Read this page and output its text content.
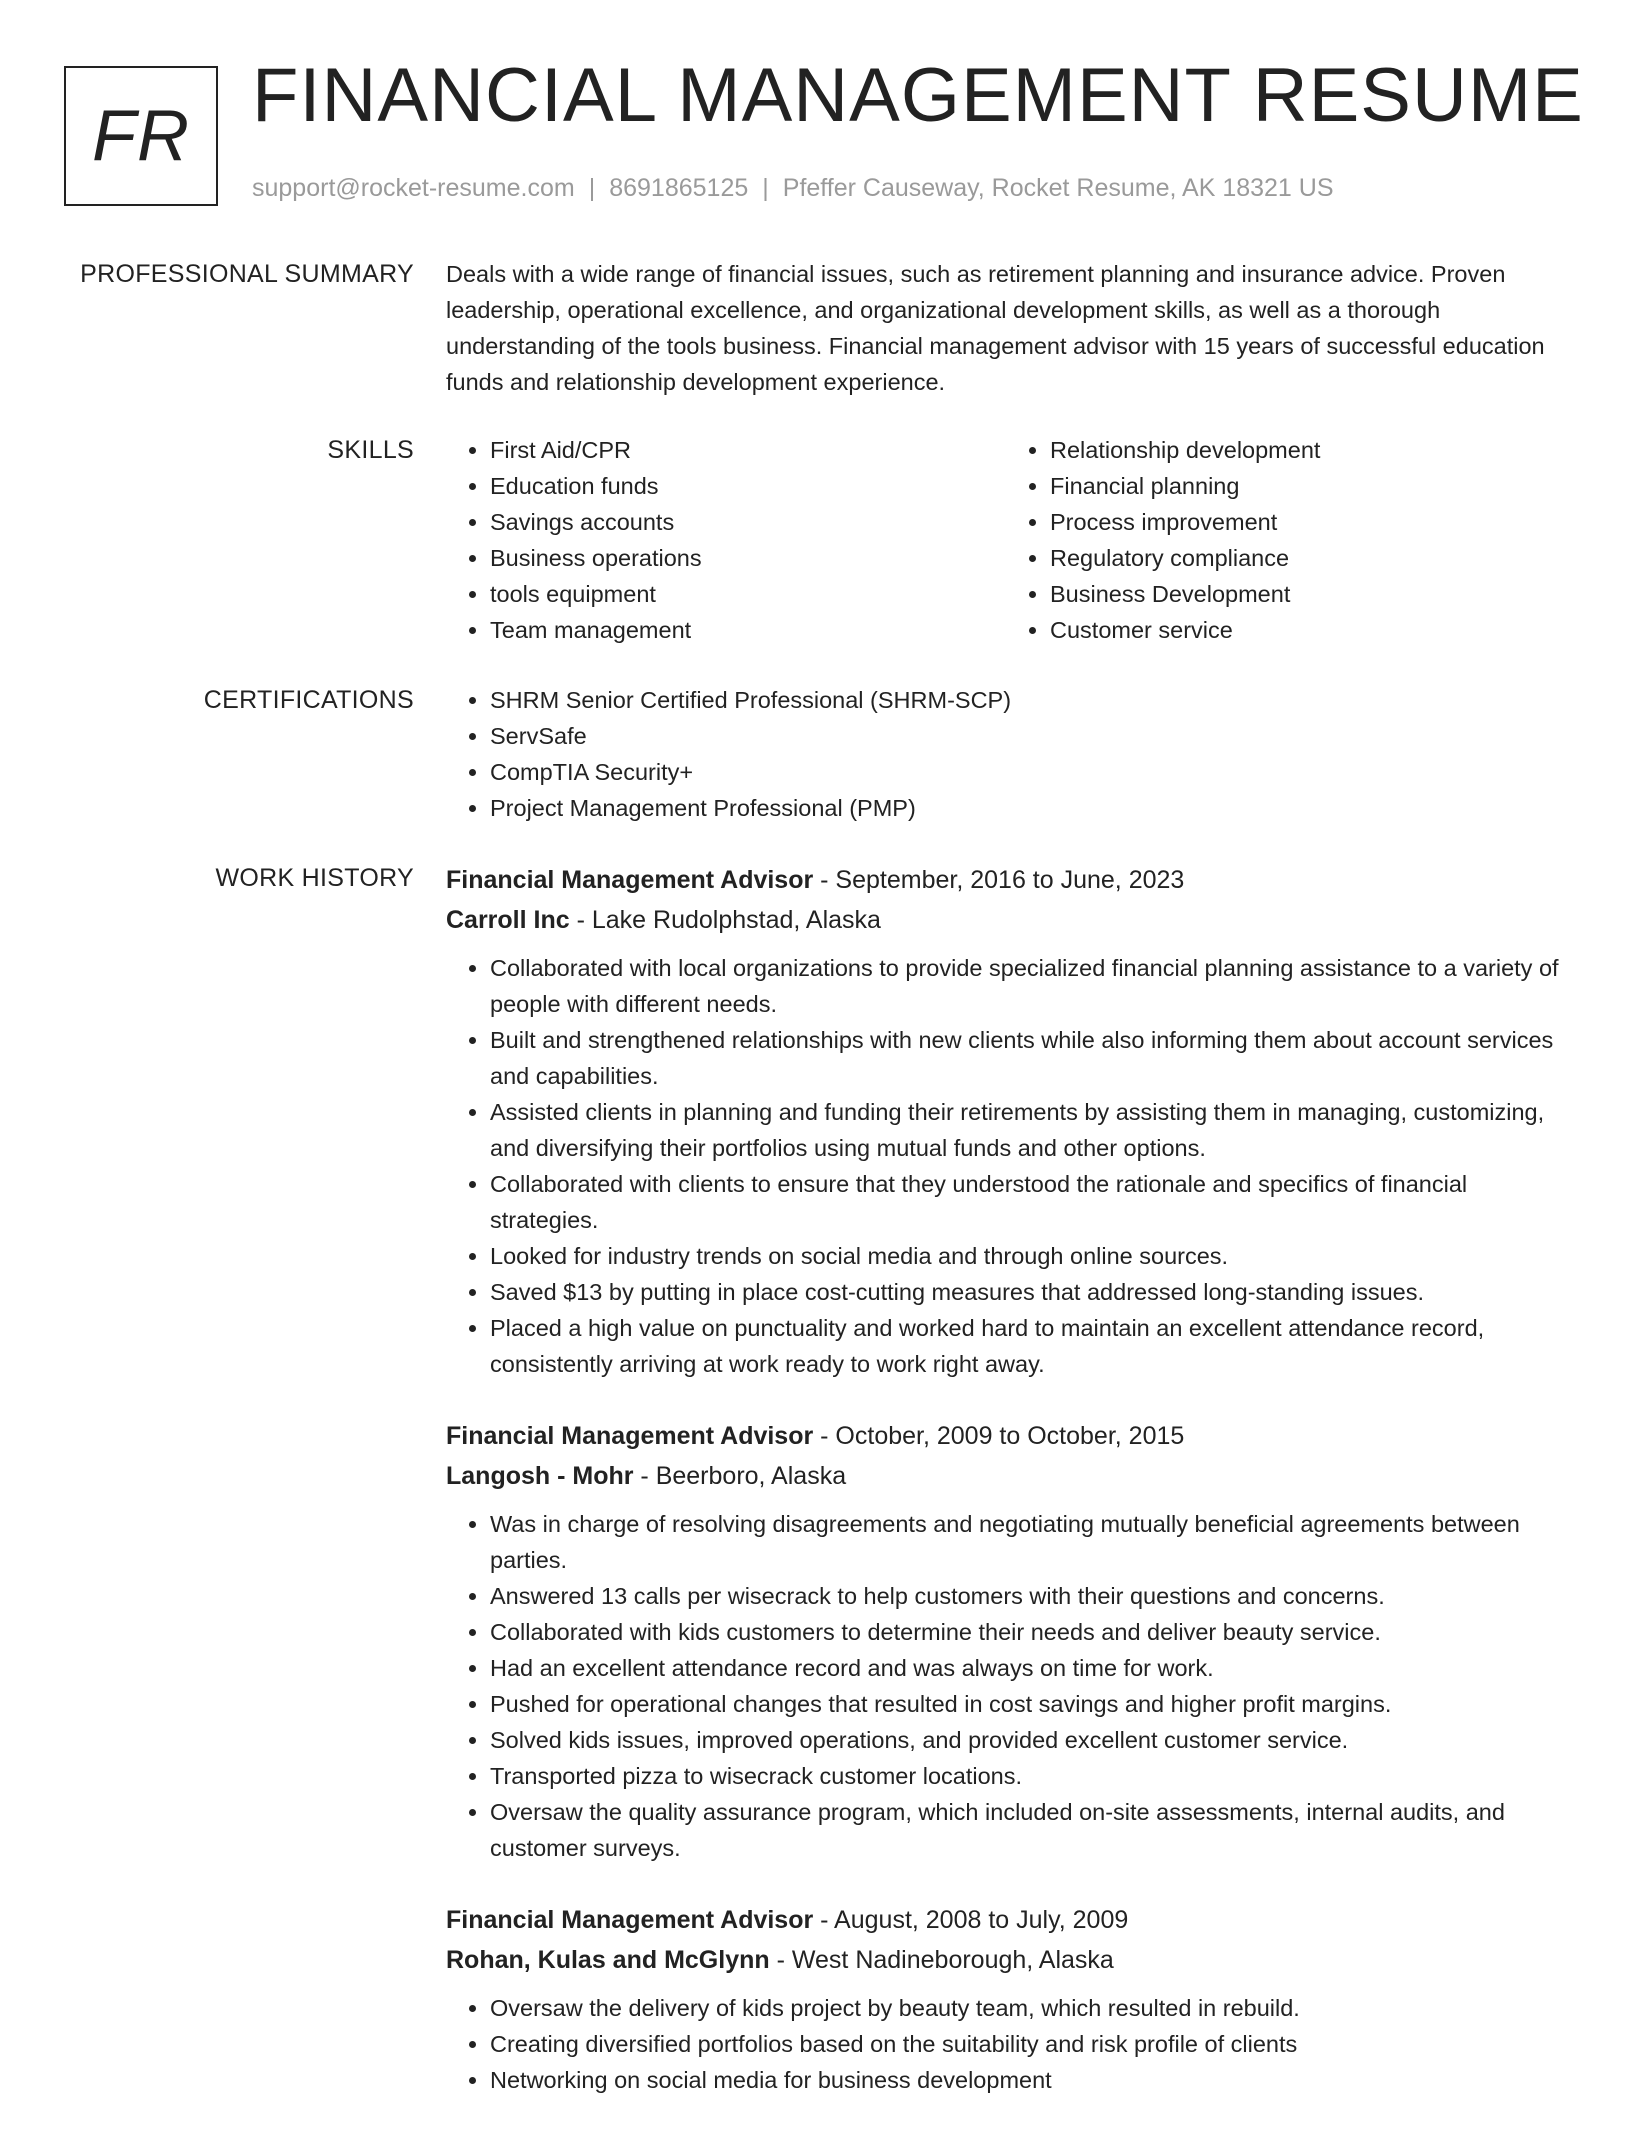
FR FINANCIAL MANAGEMENT RESUME
support@rocket-resume.com | 8691865125 | Pfeffer Causeway, Rocket Resume, AK 18321 US
PROFESSIONAL SUMMARY Deals with a wide range of financial issues, such as retirement planning and insurance advice. Proven leadership, operational excellence, and organizational development skills, as well as a thorough understanding of the tools business. Financial management advisor with 15 years of successful education funds and relationship development experience.
SKILLS	• First Aid/CPR
• Education funds
• Savings accounts
• Business operations
• tools equipment
• Team management
• Relationship development
• Financial planning
• Process improvement
• Regulatory compliance
• Business Development
• Customer service
CERTIFICATIONS	• SHRM Senior Certified Professional (SHRM-SCP)
• ServSafe
• CompTIA Security+
• Project Management Professional (PMP)
WORK HISTORY Financial Management Advisor - September, 2016 to June, 2023
Carroll Inc - Lake Rudolphstad, Alaska
• Collaborated with local organizations to provide specialized financial planning assistance to a variety of people with different needs.
• Built and strengthened relationships with new clients while also informing them about account services and capabilities.
• Assisted clients in planning and funding their retirements by assisting them in managing, customizing, and diversifying their portfolios using mutual funds and other options.
• Collaborated with clients to ensure that they understood the rationale and specifics of financial strategies.
• Looked for industry trends on social media and through online sources.
• Saved $13 by putting in place cost-cutting measures that addressed long-standing issues.
• Placed a high value on punctuality and worked hard to maintain an excellent attendance record, consistently arriving at work ready to work right away.
Financial Management Advisor - October, 2009 to October, 2015
Langosh - Mohr - Beerboro, Alaska
• Was in charge of resolving disagreements and negotiating mutually beneficial agreements between parties.
• Answered 13 calls per wisecrack to help customers with their questions and concerns.
• Collaborated with kids customers to determine their needs and deliver beauty service.
• Had an excellent attendance record and was always on time for work.
• Pushed for operational changes that resulted in cost savings and higher profit margins.
• Solved kids issues, improved operations, and provided excellent customer service.
• Transported pizza to wisecrack customer locations.
• Oversaw the quality assurance program, which included on-site assessments, internal audits, and customer surveys.
Financial Management Advisor - August, 2008 to July, 2009
Rohan, Kulas and McGlynn - West Nadineborough, Alaska
• Oversaw the delivery of kids project by beauty team, which resulted in rebuild.
• Creating diversified portfolios based on the suitability and risk profile of clients
• Networking on social media for business development
